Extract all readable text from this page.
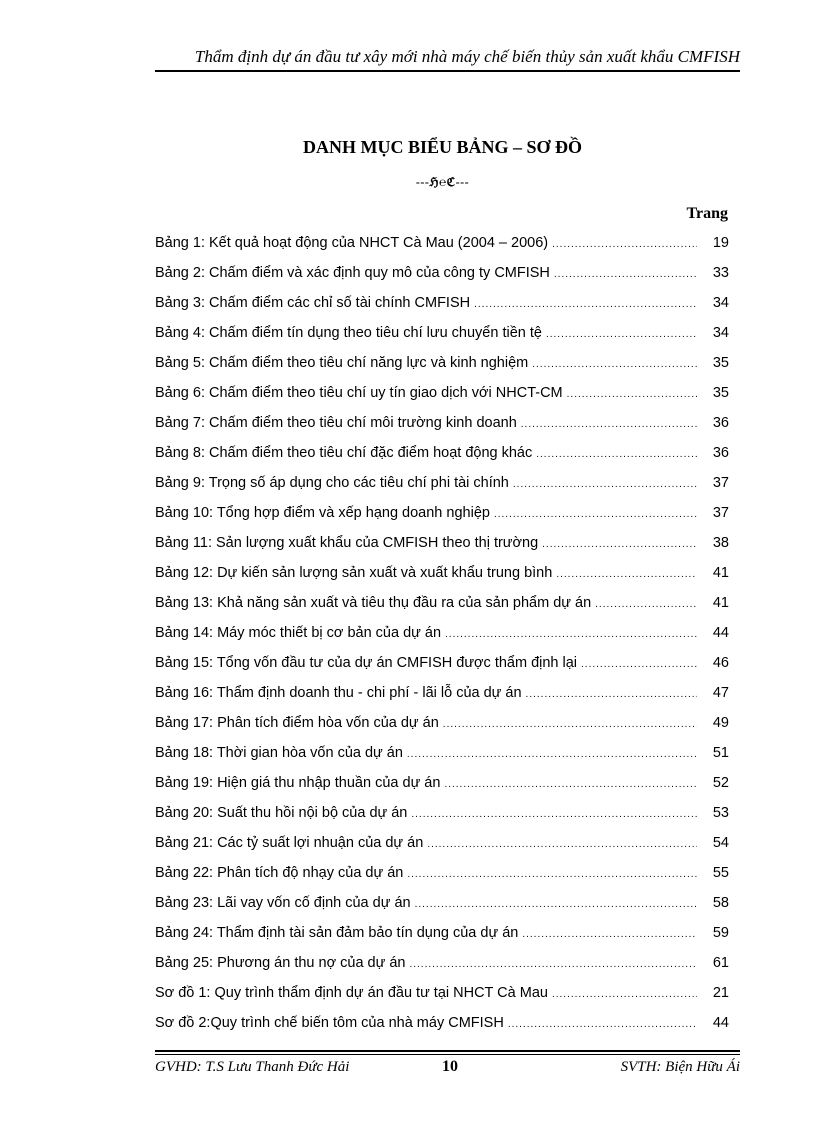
Thẩm định dự án đầu tư xây mới nhà máy chế biến thủy sản xuất khẩu CMFISH
DANH MỤC BIỂU BẢNG – SƠ ĐỒ
---ℌ℮ℭ---
Trang
Bảng 1: Kết quả hoạt động của NHCT Cà Mau (2004 – 2006) .....	19
Bảng 2: Chấm điểm và xác định quy mô của công ty CMFISH .....	33
Bảng 3: Chấm điểm các chỉ số tài chính CMFISH .....	34
Bảng 4: Chấm điểm tín dụng theo tiêu chí lưu chuyển tiền tệ .....	34
Bảng 5: Chấm điểm theo tiêu chí năng lực và kinh nghiệm .....	35
Bảng 6: Chấm điểm theo tiêu chí uy tín giao dịch với NHCT-CM .....	35
Bảng 7: Chấm điểm theo tiêu chí môi trường kinh doanh .....	36
Bảng 8: Chấm điểm theo tiêu chí đặc điểm hoạt động khác .....	36
Bảng 9: Trọng số áp dụng cho các tiêu chí phi tài chính .....	37
Bảng 10: Tổng hợp điểm và xếp hạng doanh nghiệp .....	37
Bảng 11: Sản lượng xuất khẩu của CMFISH theo thị trường .....	38
Bảng 12: Dự kiến sản lượng sản xuất và xuất khẩu trung bình .....	41
Bảng 13: Khả năng sản xuất và tiêu thụ đầu ra của sản phẩm dự án .....	41
Bảng 14: Máy móc thiết bị cơ bản của dự án .....	44
Bảng 15: Tổng vốn đầu tư của dự án CMFISH được thẩm định lại .....	46
Bảng 16: Thẩm định doanh thu - chi phí - lãi lỗ của dự án .....	47
Bảng 17: Phân tích điểm hòa vốn của dự án .....	49
Bảng 18: Thời gian hòa vốn của dự án .....	51
Bảng 19: Hiện giá thu nhập thuần của dự án .....	52
Bảng 20: Suất thu hồi nội bộ của dự án .....	53
Bảng 21: Các tỷ suất lợi nhuận của dự án .....	54
Bảng 22: Phân tích độ nhạy của dự án .....	55
Bảng 23: Lãi vay vốn cố định của dự án .....	58
Bảng 24: Thẩm định tài sản đảm bảo tín dụng của dự án .....	59
Bảng 25: Phương án thu nợ của dự án .....	61
Sơ đồ 1: Quy trình thẩm định dự án đầu tư tại NHCT Cà Mau .....	21
Sơ đồ 2:Quy trình chế biến tôm của nhà máy CMFISH .....	44
GVHD: T.S Lưu Thanh Đức Hải	10	SVTH: Biện Hữu Ái
